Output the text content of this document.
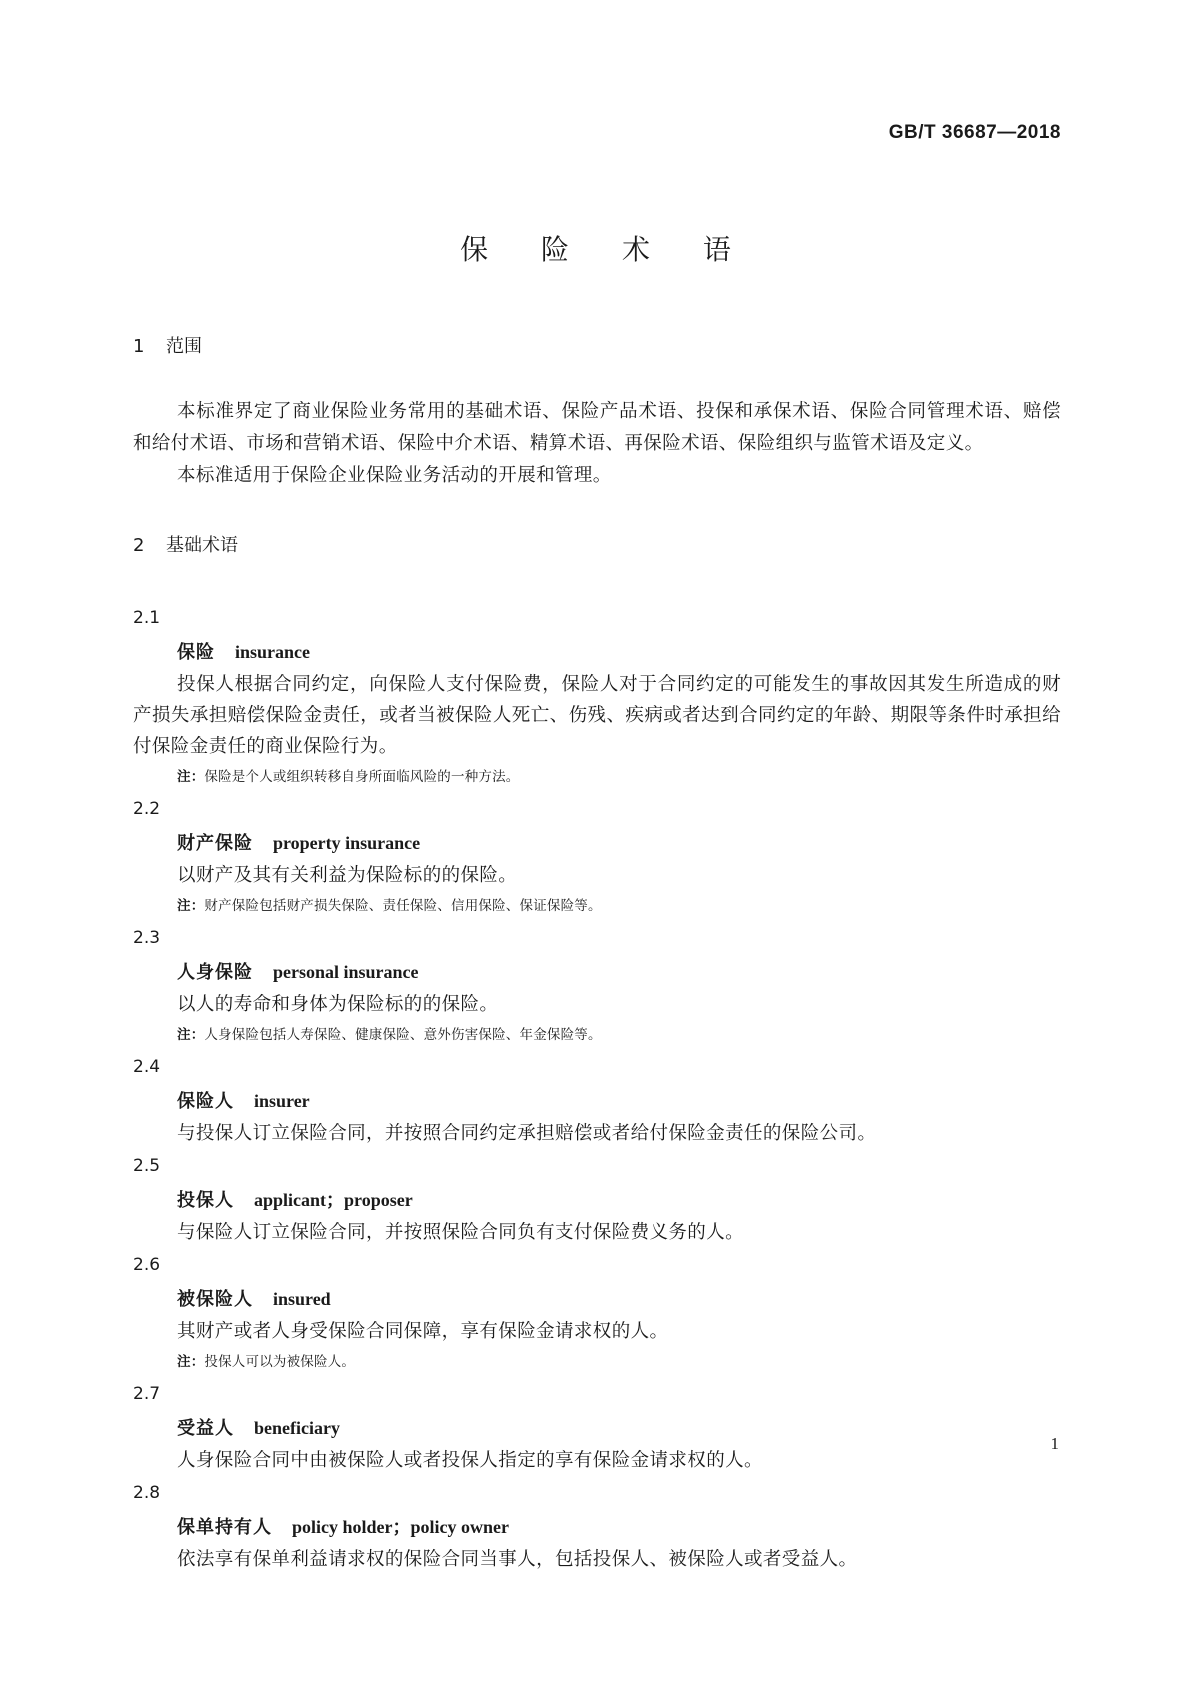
GB/T 36687—2018
保 险 术 语
1 范围
本标准界定了商业保险业务常用的基础术语、保险产品术语、投保和承保术语、保险合同管理术语、赔偿和给付术语、市场和营销术语、保险中介术语、精算术语、再保险术语、保险组织与监管术语及定义。
本标准适用于保险企业保险业务活动的开展和管理。
2 基础术语
2.1
保险 insurance
投保人根据合同约定，向保险人支付保险费，保险人对于合同约定的可能发生的事故因其发生所造成的财产损失承担赔偿保险金责任，或者当被保险人死亡、伤残、疾病或者达到合同约定的年龄、期限等条件时承担给付保险金责任的商业保险行为。
注：保险是个人或组织转移自身所面临风险的一种方法。
2.2
财产保险 property insurance
以财产及其有关利益为保险标的的保险。
注：财产保险包括财产损失保险、责任保险、信用保险、保证保险等。
2.3
人身保险 personal insurance
以人的寿命和身体为保险标的的保险。
注：人身保险包括人寿保险、健康保险、意外伤害保险、年金保险等。
2.4
保险人 insurer
与投保人订立保险合同，并按照合同约定承担赔偿或者给付保险金责任的保险公司。
2.5
投保人 applicant；proposer
与保险人订立保险合同，并按照保险合同负有支付保险费义务的人。
2.6
被保险人 insured
其财产或者人身受保险合同保障，享有保险金请求权的人。
注：投保人可以为被保险人。
2.7
受益人 beneficiary
人身保险合同中由被保险人或者投保人指定的享有保险金请求权的人。
2.8
保单持有人 policy holder；policy owner
依法享有保单利益请求权的保险合同当事人，包括投保人、被保险人或者受益人。
1
